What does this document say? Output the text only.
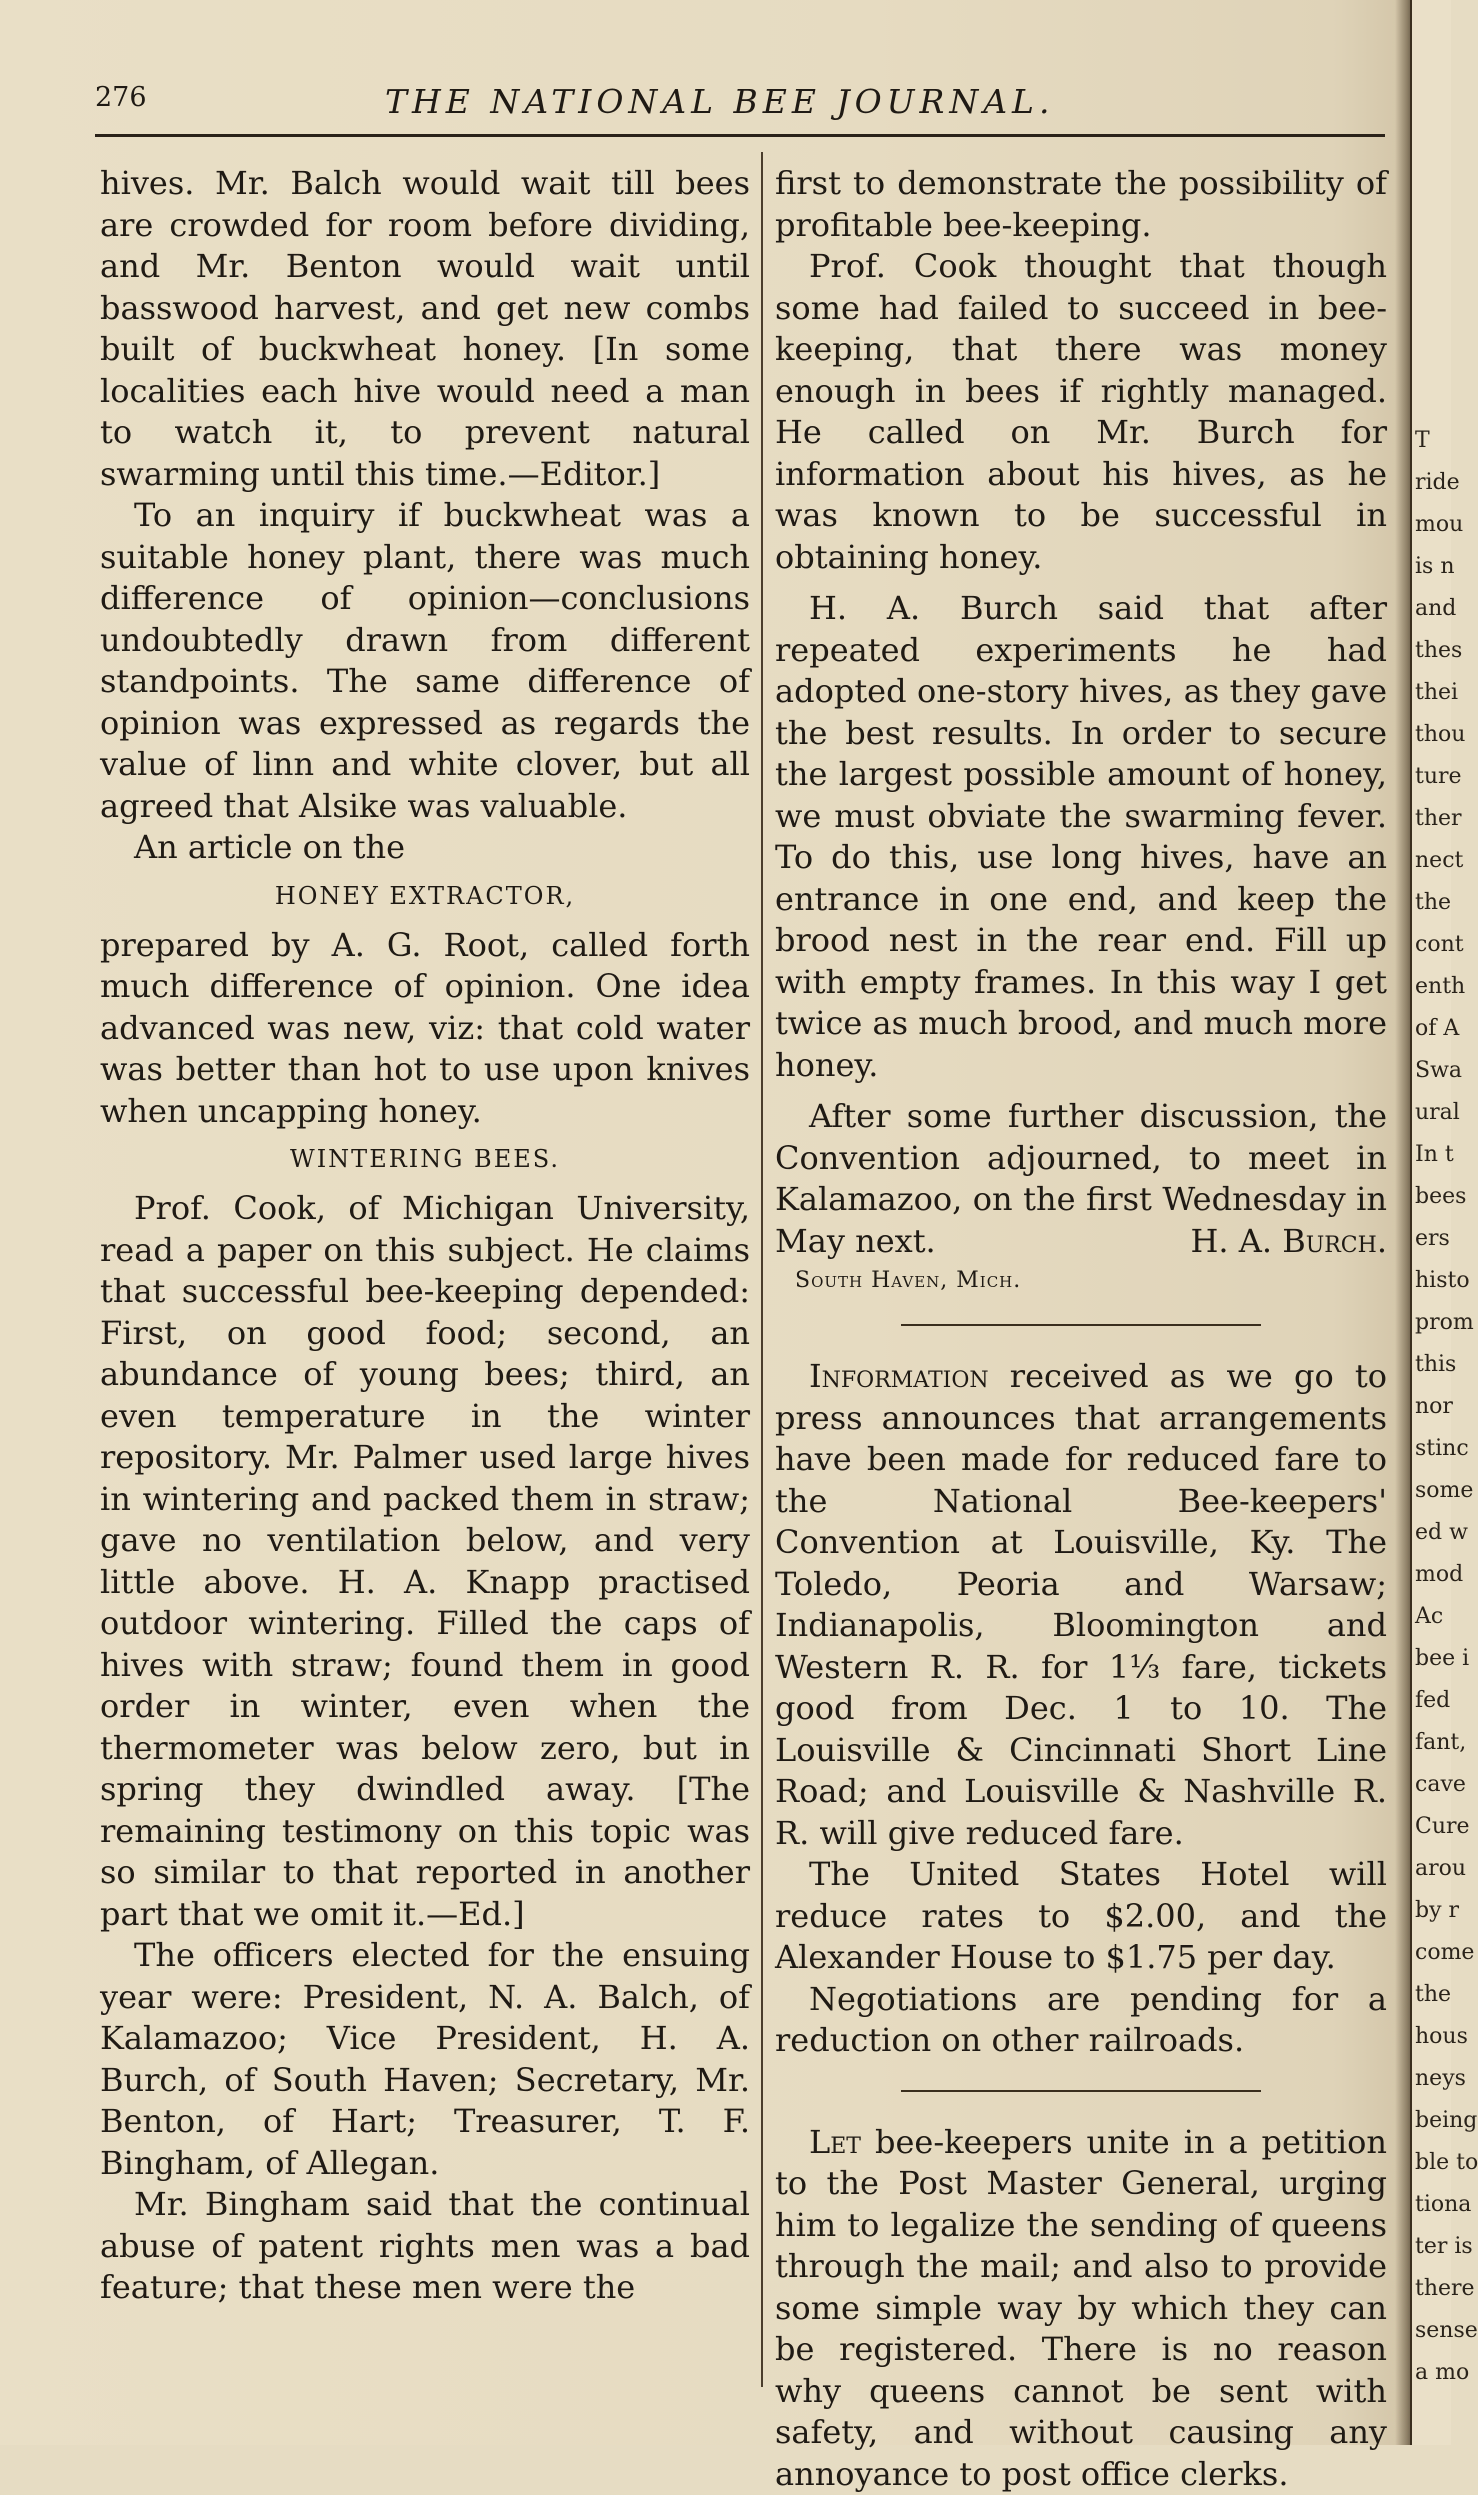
276	THE NATIONAL BEE JOURNAL.

hives. Mr. Balch would wait till bees are crowded for room before dividing, and Mr. Benton would wait until basswood harvest, and get new combs built of buckwheat honey. [In some localities each hive would need a man to watch it, to prevent natural swarming until this time.—Editor.]

To an inquiry if buckwheat was a suitable honey plant, there was much difference of opinion—conclusions undoubtedly drawn from different standpoints. The same difference of opinion was expressed as regards the value of linn and white clover, but all agreed that Alsike was valuable.

An article on the

HONEY EXTRACTOR,

prepared by A. G. Root, called forth much difference of opinion. One idea advanced was new, viz: that cold water was better than hot to use upon knives when uncapping honey.

WINTERING BEES.

Prof. Cook, of Michigan University, read a paper on this subject. He claims that successful bee-keeping depended: First, on good food; second, an abundance of young bees; third, an even temperature in the winter repository. Mr. Palmer used large hives in wintering and packed them in straw; gave no ventilation below, and very little above. H. A. Knapp practised outdoor wintering. Filled the caps of hives with straw; found them in good order in winter, even when the thermometer was below zero, but in spring they dwindled away. [The remaining testimony on this topic was so similar to that reported in another part that we omit it.—Ed.]

The officers elected for the ensuing year were: President, N. A. Balch, of Kalamazoo; Vice President, H. A. Burch, of South Haven; Secretary, Mr. Benton, of Hart; Treasurer, T. F. Bingham, of Allegan.

Mr. Bingham said that the continual abuse of patent rights men was a bad feature; that these men were the

first to demonstrate the possibility of profitable bee-keeping.

Prof. Cook thought that though some had failed to succeed in bee-keeping, that there was money enough in bees if rightly managed. He called on Mr. Burch for information about his hives, as he was known to be successful in obtaining honey.

H. A. Burch said that after repeated experiments he had adopted one-story hives, as they gave the best results. In order to secure the largest possible amount of honey, we must obviate the swarming fever. To do this, use long hives, have an entrance in one end, and keep the brood nest in the rear end. Fill up with empty frames. In this way I get twice as much brood, and much more honey.

After some further discussion, the Convention adjourned, to meet in Kalamazoo, on the first Wednesday in May next.	H. A. Burch.

South Haven, Mich.

Information received as we go to press announces that arrangements have been made for reduced fare to the National Bee-keepers' Convention at Louisville, Ky. The Toledo, Peoria and Warsaw; Indianapolis, Bloomington and Western R. R. for 1⅓ fare, tickets good from Dec. 1 to 10. The Louisville & Cincinnati Short Line Road; and Louisville & Nashville R. R. will give reduced fare.

The United States Hotel will reduce rates to $2.00, and the Alexander House to $1.75 per day.

Negotiations are pending for a reduction on other railroads.

Let bee-keepers unite in a petition to the Post Master General, urging him to legalize the sending of queens through the mail; and also to provide some simple way by which they can be registered. There is no reason why queens cannot be sent with safety, and without causing any annoyance to post office clerks.

T
ride
mou
is n
and
thes
thei
thou
ture
ther
nect
the
cont
enth
of A
Swa
ural
In t
bees
ers
histo
prom
this
nor
stinc
some
ed w
mod
Ac
bee i
fed
fant,
cave
Cure
arou
by r
come
the
hous
neys
being
ble to
tiona
ter is
there
sense
a mo
